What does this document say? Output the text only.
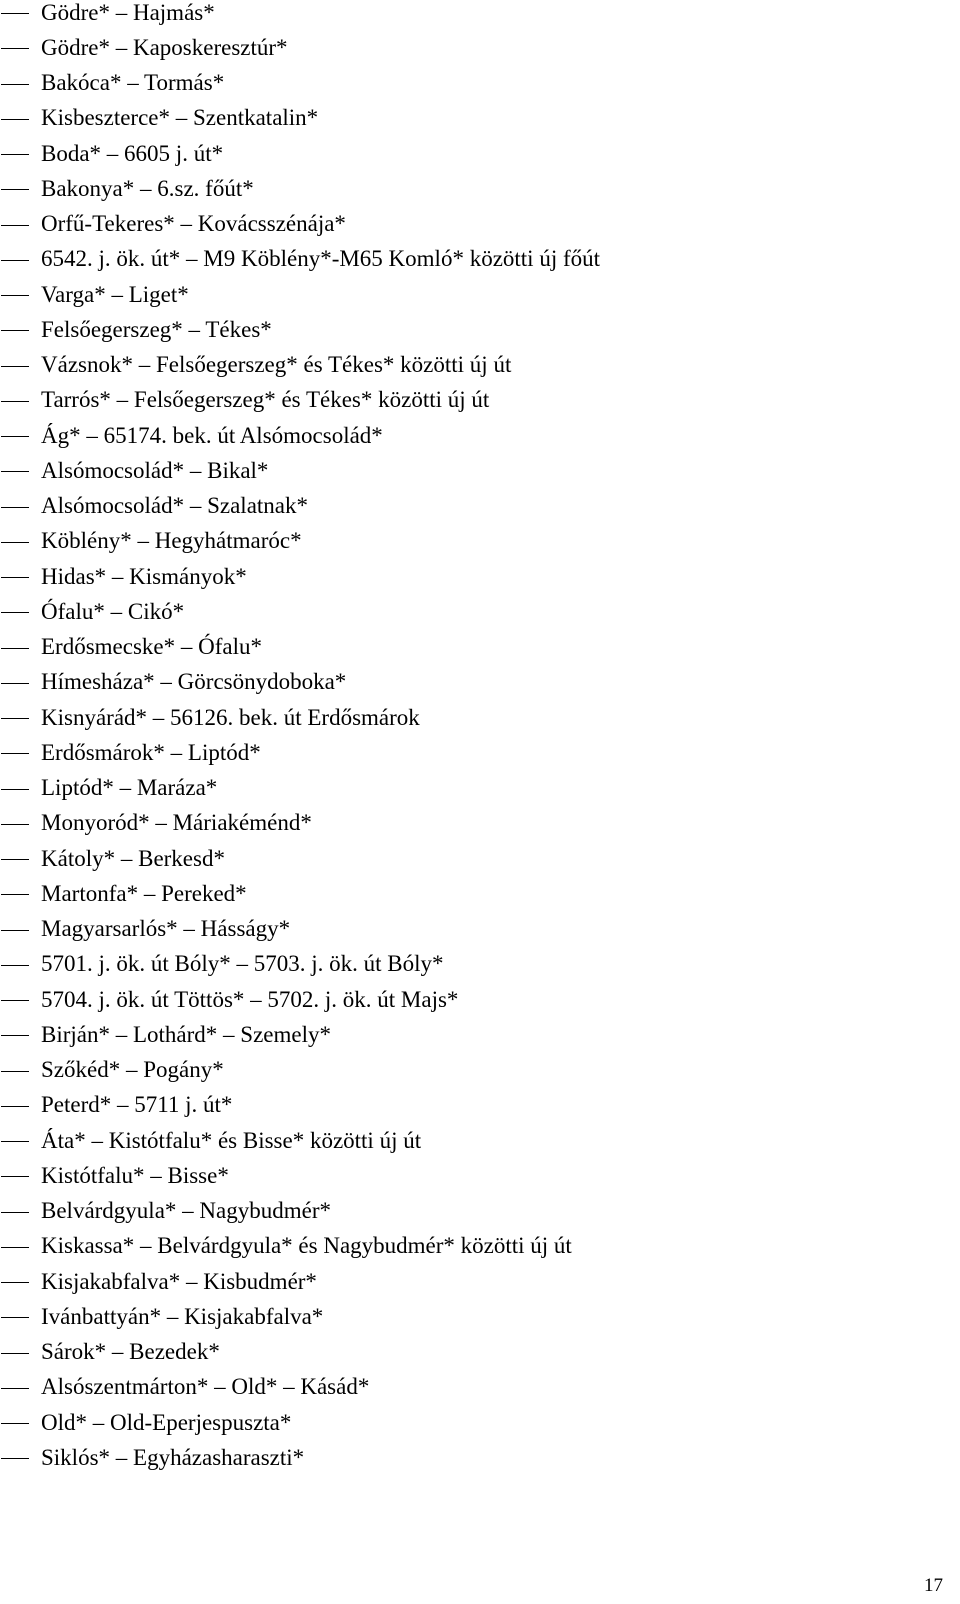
Gödre* – Hajmás*
Gödre* – Kaposkeresztúr*
Bakóca* – Tormás*
Kisbeszterce* – Szentkatalin*
Boda* – 6605 j. út*
Bakonya* – 6.sz. főút*
Orfű-Tekeres* – Kovácsszénája*
6542. j. ök. út* – M9 Köblény*-M65 Komló* közötti új főút
Varga* – Liget*
Felsőegerszeg* – Tékes*
Vázsnok* – Felsőegerszeg* és Tékes* közötti új út
Tarrós* – Felsőegerszeg* és Tékes* közötti új út
Ág* – 65174. bek. út Alsómocsolád*
Alsómocsolád* – Bikal*
Alsómocsolád* – Szalatnak*
Köblény* – Hegyhátmaróc*
Hidas* – Kismányok*
Ófalu* – Cikó*
Erdősmecske* – Ófalu*
Hímesháza* – Görcsönydoboka*
Kisnyárád* – 56126. bek. út Erdősmárok
Erdősmárok* – Liptód*
Liptód* – Maráza*
Monyoród* – Máriakéménd*
Kátoly* – Berkesd*
Martonfa* – Pereked*
Magyarsarlós* – Hásságy*
5701. j. ök. út Bóly* – 5703. j. ök. út Bóly*
5704. j. ök. út Töttös* – 5702. j. ök. út Majs*
Birján* – Lothárd* – Szemely*
Szőkéd* – Pogány*
Peterd* – 5711 j. út*
Áta* – Kistótfalu* és Bisse* közötti új út
Kistótfalu* – Bisse*
Belvárdgyula* – Nagybudmér*
Kiskassa* – Belvárdgyula* és Nagybudmér* közötti új út
Kisjakabfalva* – Kisbudmér*
Ivánbattyán* – Kisjakabfalva*
Sárok* – Bezedek*
Alsószentmárton* – Old* – Kásád*
Old* – Old-Eperjespuszta*
Siklós* – Egyházasharaszti*
17
